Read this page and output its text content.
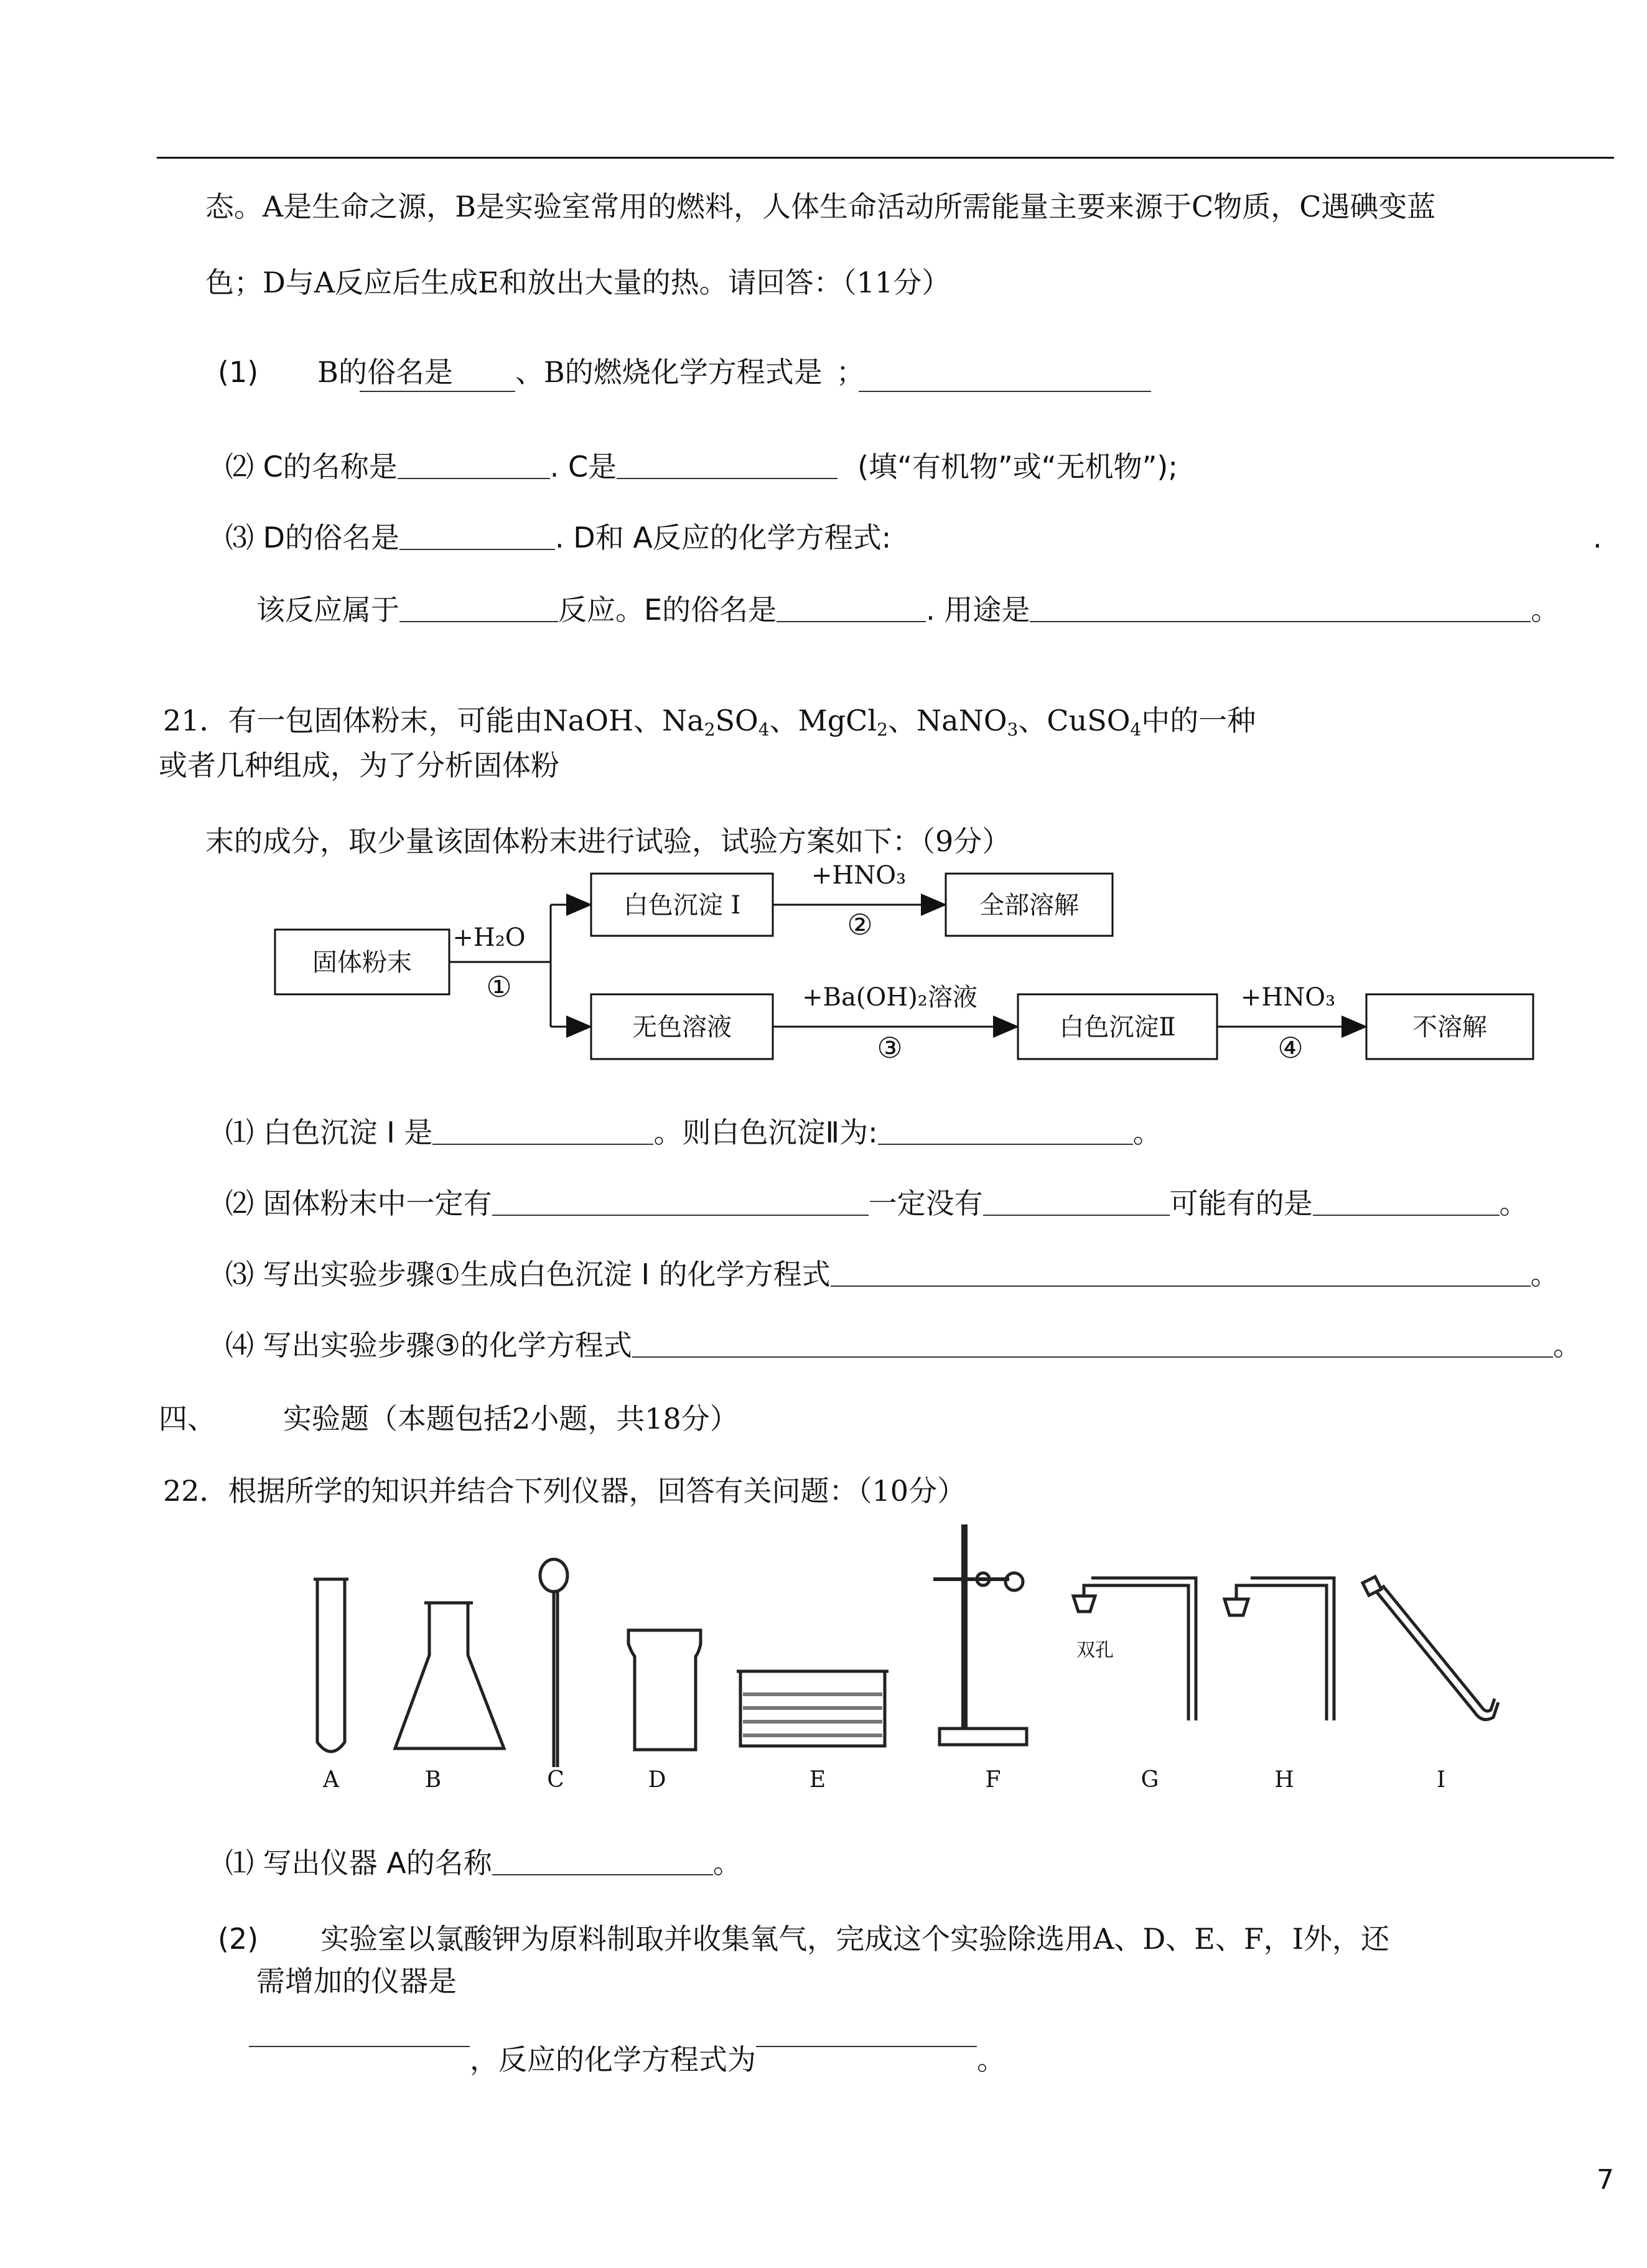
态。A是生命之源，B是实验室常用的燃料，人体生命活动所需能量主要来源于C物质，C遇碘变蓝
色；D与A反应后生成E和放出大量的热。请回答：（11分）
(1) B的俗名是 、B的燃烧化学方程式是 ；
⑵ C的名称是	. C是	(填“有机物”或“无机物”);
⑶ D的俗名是	. D和 A反应的化学方程式:	.
该反应属于	反应。E的俗名是	. 用途是	。
21．有一包固体粉末，可能由NaOH、$Na_2SO_4$、MgCl$_2$、NaNO$_3$、CuSO$_4$中的一种
或者几种组成，为了分析固体粉
末的成分，取少量该固体粉末进行试验，试验方案如下：（9分）
固体粉末
白色沉淀 I	全部溶解
无色溶液	白色沉淀Ⅱ	不溶解
+H₂O
+HNO₃
+Ba(OH)₂溶液	+HNO₃
①
②
③	④
⑴ 白色沉淀 I 是	。则白色沉淀Ⅱ为:	。
⑵ 固体粉末中一定有	一定没有	可能有的是	。
⑶ 写出实验步骤①生成白色沉淀 I 的化学方程式	。
⑷ 写出实验步骤③的化学方程式	。
四、 实验题（本题包括2小题，共18分）
22．根据所学的知识并结合下列仪器，回答有关问题：（10分）
双孔
A	B	C	D	E	F	G	H	I
⑴ 写出仪器 A的名称	。
(2) 实验室以氯酸钾为原料制取并收集氧气，完成这个实验除选用A、D、E、F，I外，还
需增加的仪器是
，反应的化学方程式为	。
7
